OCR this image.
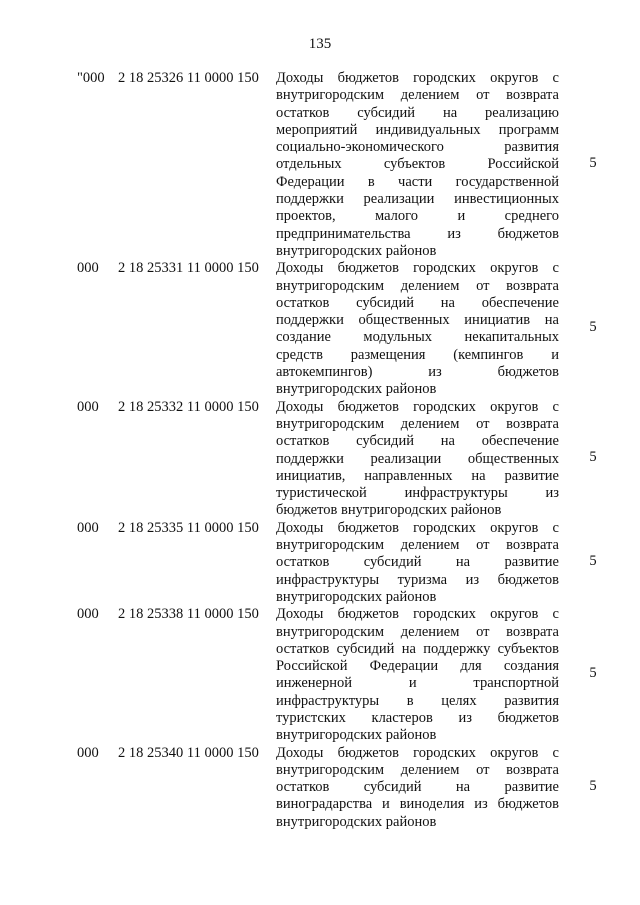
135
"000 2 18 25326 11 0000 150	Доходы бюджетов городских округов с
внутригородским делением от возврата
остатков субсидий на реализацию
мероприятий индивидуальных программ
социально-экономического развития
отдельных субъектов Российской
Федерации в части государственной
поддержки реализации инвестиционных
проектов, малого и среднего
предпринимательства из бюджетов
внутригородских районов
5
000	2 18 25331 11 0000 150	Доходы бюджетов городских округов с
внутригородским делением от возврата
остатков субсидий на обеспечение
поддержки общественных инициатив на
создание модульных некапитальных
средств размещения (кемпингов и
автокемпингов) из бюджетов
внутригородских районов
5
000	2 18 25332 11 0000 150	Доходы бюджетов городских округов с
внутригородским делением от возврата
остатков субсидий на обеспечение
поддержки реализации общественных
инициатив, направленных на развитие
туристической инфраструктуры из
бюджетов внутригородских районов
5
000	2 18 25335 11 0000 150	Доходы бюджетов городских округов с
внутригородским делением от возврата
остатков субсидий на развитие
инфраструктуры туризма из бюджетов
внутригородских районов
5
000	2 18 25338 11 0000 150	Доходы бюджетов городских округов с
внутригородским делением от возврата
остатков субсидий на поддержку субъектов
Российской Федерации для создания
инженерной и транспортной
инфраструктуры в целях развития
туристских кластеров из бюджетов
внутригородских районов
5
000	2 18 25340 11 0000 150	Доходы бюджетов городских округов с
внутригородским делением от возврата
остатков субсидий на развитие
виноградарства и виноделия из бюджетов
внутригородских районов
5
